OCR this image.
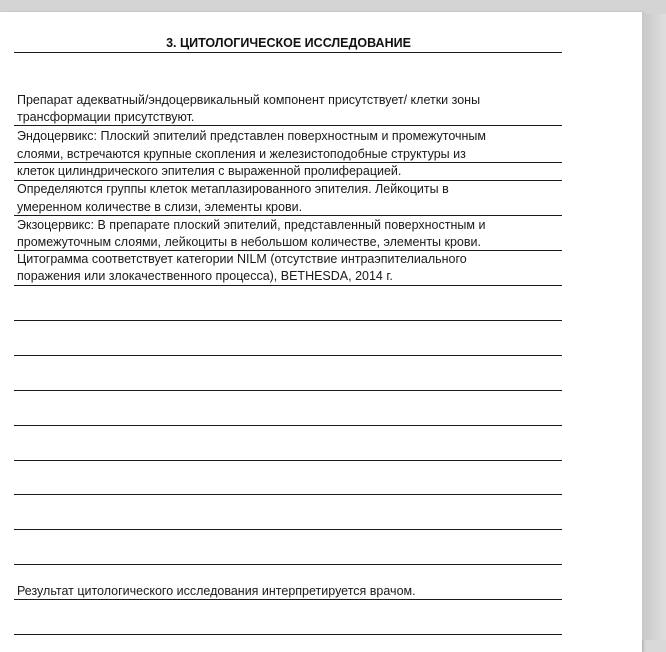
3. ЦИТОЛОГИЧЕСКОЕ ИССЛЕДОВАНИЕ
Препарат адекватный/эндоцервикальный компонент присутствует/ клетки зоны
трансформации присутствуют.
Эндоцервикс: Плоский эпителий представлен поверхностным и промежуточным
слоями, встречаются крупные скопления и железистоподобные структуры из
клеток цилиндрического эпителия с выраженной пролиферацией.
Определяются группы клеток метаплазированного эпителия. Лейкоциты в
умеренном количестве в слизи, элементы крови.
Экзоцервикс: В препарате плоский эпителий, представленный поверхностным и
промежуточным слоями, лейкоциты в небольшом количестве, элементы крови.
Цитограмма соответствует категории NILM (отсутствие интраэпителиального
поражения или злокачественного процесса), BETHESDA, 2014 г.
Результат цитологического исследования интерпретируется врачом.
